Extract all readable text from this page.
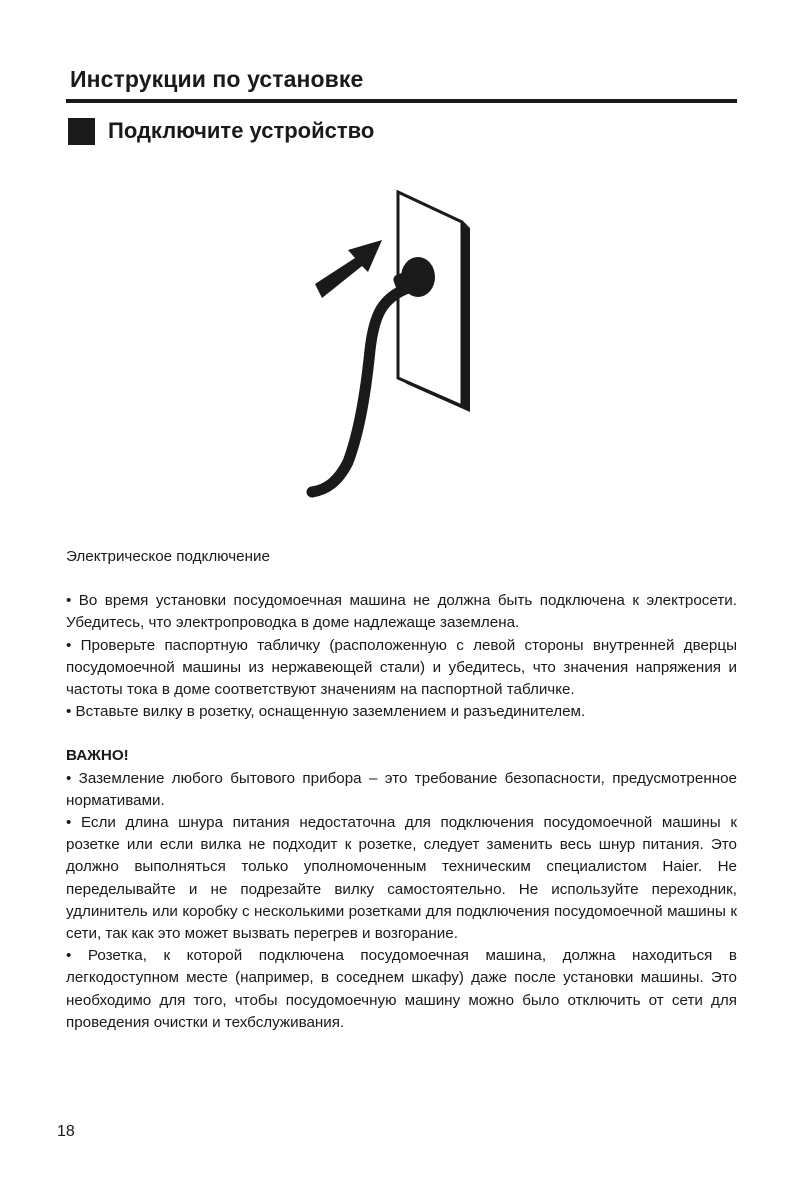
Инструкции по установке
Подключите устройство

Электрическое подключение

• Во время установки посудомоечная машина не должна быть подключена к электросети. Убедитесь, что электропроводка в доме надлежаще заземлена.

• Проверьте паспортную табличку (расположенную с левой стороны внутренней дверцы посудомоечной машины из нержавеющей стали) и убедитесь, что значения напряжения и частоты тока в доме соответствуют значениям на паспортной табличке.

• Вставьте вилку в розетку, оснащенную заземлением и разъединителем.

ВАЖНО!

• Заземление любого бытового прибора – это требование безопасности, предусмотренное нормативами.

• Если длина шнура питания недостаточна для подключения посудомоечной машины к розетке или если вилка не подходит к розетке, следует заменить весь шнур питания. Это должно выполняться только уполномоченным техническим специалистом Haier. Не переделывайте и не подрезайте вилку самостоятельно. Не используйте переходник, удлинитель или коробку с несколькими розетками для подключения посудомоечной машины к сети, так как это может вызвать перегрев и возгорание.

• Розетка, к которой подключена посудомоечная машина, должна находиться в легкодоступном месте (например, в соседнем шкафу) даже после установки машины. Это необходимо для того, чтобы посудомоечную машину можно было отключить от сети для проведения очистки и техбслуживания.

18
